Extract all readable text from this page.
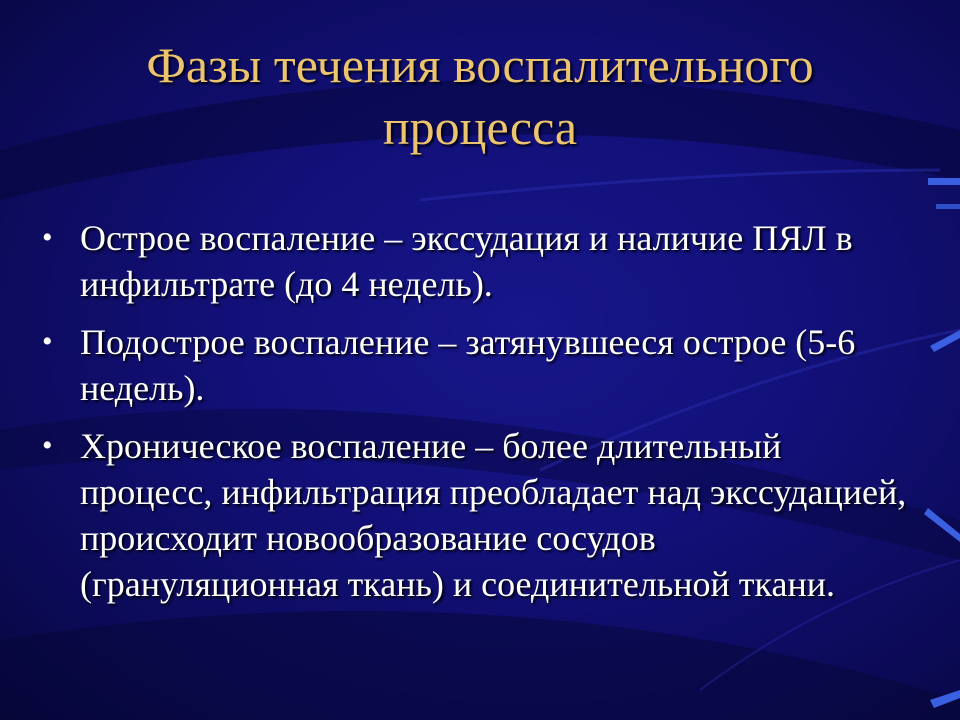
Фазы течения воспалительного процесса
• Острое воспаление – экссудация и наличие ПЯЛ в инфильтрате (до 4 недель).
• Подострое воспаление – затянувшееся острое (5-6 недель).
• Хроническое воспаление – более длительный процесс, инфильтрация преобладает над экссудацией, происходит новообразование сосудов (грануляционная ткань) и соединительной ткани.
